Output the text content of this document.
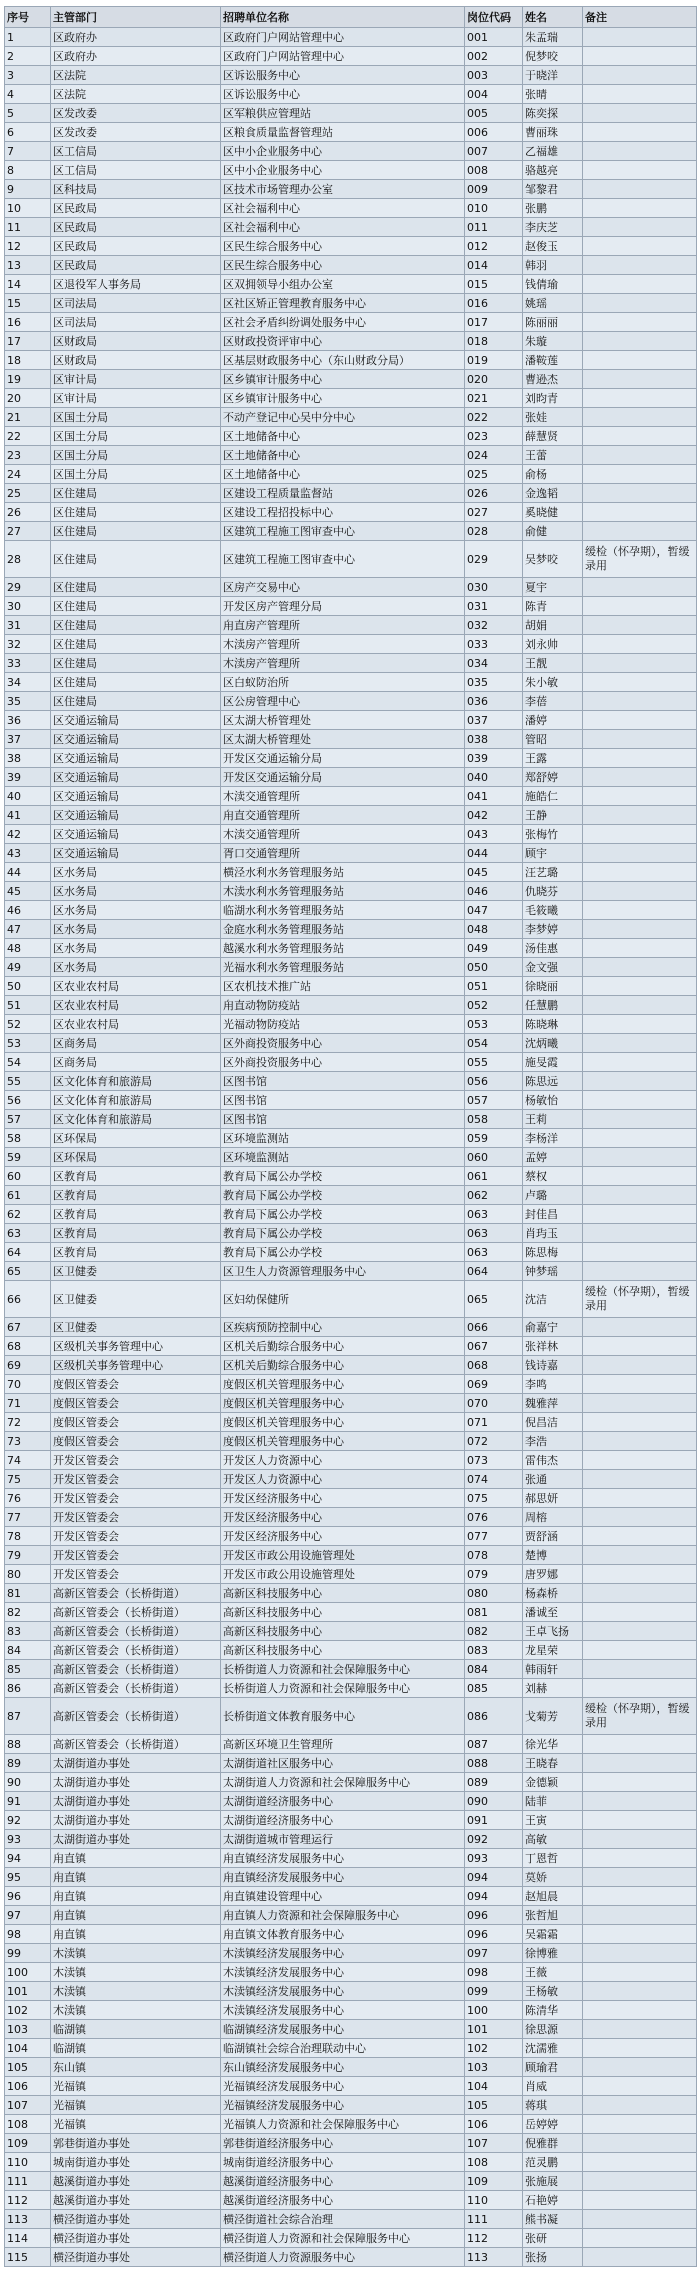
序号	主管部门	招聘单位名称	岗位代码	姓名	备注
1	区政府办	区政府门户网站管理中心	001	朱孟瑞	
2	区政府办	区政府门户网站管理中心	002	倪梦咬	
3	区法院	区诉讼服务中心	003	于晓洋	
4	区法院	区诉讼服务中心	004	张晴	
5	区发改委	区军粮供应管理站	005	陈奕探	
6	区发改委	区粮食质量监督管理站	006	曹丽珠	
7	区工信局	区中小企业服务中心	007	乙福雄	
8	区工信局	区中小企业服务中心	008	骆越亮	
9	区科技局	区技术市场管理办公室	009	邹黎君	
10	区民政局	区社会福利中心	010	张鹏	
11	区民政局	区社会福利中心	011	李庆芝	
12	区民政局	区民生综合服务中心	012	赵俊玉	
13	区民政局	区民生综合服务中心	014	韩羽	
14	区退役军人事务局	区双拥领导小组办公室	015	钱倩瑜	
15	区司法局	区社区矫正管理教育服务中心	016	姚瑶	
16	区司法局	区社会矛盾纠纷调处服务中心	017	陈丽丽	
17	区财政局	区财政投资评审中心	018	朱璇	
18	区财政局	区基层财政服务中心（东山财政分局）	019	潘鞍莲	
19	区审计局	区乡镇审计服务中心	020	曹逊杰	
20	区审计局	区乡镇审计服务中心	021	刘昀青	
21	区国土分局	不动产登记中心吴中分中心	022	张娃	
22	区国土分局	区土地储备中心	023	薛慧贤	
23	区国土分局	区土地储备中心	024	王蕾	
24	区国土分局	区土地储备中心	025	俞杨	
25	区住建局	区建设工程质量监督站	026	金逸韬	
26	区住建局	区建设工程招投标中心	027	奚晓健	
27	区住建局	区建筑工程施工图审查中心	028	俞健	
28	区住建局	区建筑工程施工图审查中心	029	吴梦咬	缓检（怀孕期），暂缓录用
29	区住建局	区房产交易中心	030	夏宇	
30	区住建局	开发区房产管理分局	031	陈青	
31	区住建局	甪直房产管理所	032	胡娟	
32	区住建局	木渎房产管理所	033	刘永帅	
33	区住建局	木渎房产管理所	034	王靓	
34	区住建局	区白蚁防治所	035	朱小敏	
35	区住建局	区公房管理中心	036	李蓓	
36	区交通运输局	区太湖大桥管理处	037	潘婷	
37	区交通运输局	区太湖大桥管理处	038	管昭	
38	区交通运输局	开发区交通运输分局	039	王露	
39	区交通运输局	开发区交通运输分局	040	郑舒婷	
40	区交通运输局	木渎交通管理所	041	施皓仁	
41	区交通运输局	甪直交通管理所	042	王静	
42	区交通运输局	木渎交通管理所	043	张梅竹	
43	区交通运输局	胥口交通管理所	044	顾宇	
44	区水务局	横泾水利水务管理服务站	045	汪艺璐	
45	区水务局	木渎水利水务管理服务站	046	仇晓芬	
46	区水务局	临湖水利水务管理服务站	047	毛筱曦	
47	区水务局	金庭水利水务管理服务站	048	李梦婷	
48	区水务局	越溪水利水务管理服务站	049	汤佳惠	
49	区水务局	光福水利水务管理服务站	050	金文强	
50	区农业农村局	区农机技术推广站	051	徐晓丽	
51	区农业农村局	甪直动物防疫站	052	任慧鹏	
52	区农业农村局	光福动物防疫站	053	陈晓琳	
53	区商务局	区外商投资服务中心	054	沈炳曦	
54	区商务局	区外商投资服务中心	055	施旻霞	
55	区文化体育和旅游局	区图书馆	056	陈思远	
56	区文化体育和旅游局	区图书馆	057	杨敏怡	
57	区文化体育和旅游局	区图书馆	058	王莉	
58	区环保局	区环境监测站	059	李杨洋	
59	区环保局	区环境监测站	060	孟婷	
60	区教育局	教育局下属公办学校	061	蔡权	
61	区教育局	教育局下属公办学校	062	卢璐	
62	区教育局	教育局下属公办学校	063	封佳昌	
63	区教育局	教育局下属公办学校	063	肖玙玉	
64	区教育局	教育局下属公办学校	063	陈思梅	
65	区卫健委	区卫生人力资源管理服务中心	064	钟梦瑶	
66	区卫健委	区妇幼保健所	065	沈洁	缓检（怀孕期），暂缓录用
67	区卫健委	区疾病预防控制中心	066	俞嘉宁	
68	区级机关事务管理中心	区机关后勤综合服务中心	067	张祥林	
69	区级机关事务管理中心	区机关后勤综合服务中心	068	钱诗嘉	
70	度假区管委会	度假区机关管理服务中心	069	李鸣	
71	度假区管委会	度假区机关管理服务中心	070	魏雅萍	
72	度假区管委会	度假区机关管理服务中心	071	倪昌洁	
73	度假区管委会	度假区机关管理服务中心	072	李浩	
74	开发区管委会	开发区人力资源中心	073	雷伟杰	
75	开发区管委会	开发区人力资源中心	074	张通	
76	开发区管委会	开发区经济服务中心	075	郝思妍	
77	开发区管委会	开发区经济服务中心	076	周榕	
78	开发区管委会	开发区经济服务中心	077	贾舒涵	
79	开发区管委会	开发区市政公用设施管理处	078	楚博	
80	开发区管委会	开发区市政公用设施管理处	079	唐罗娜	
81	高新区管委会（长桥街道）	高新区科技服务中心	080	杨森桥	
82	高新区管委会（长桥街道）	高新区科技服务中心	081	潘诚至	
83	高新区管委会（长桥街道）	高新区科技服务中心	082	王卓飞扬	
84	高新区管委会（长桥街道）	高新区科技服务中心	083	龙星荣	
85	高新区管委会（长桥街道）	长桥街道人力资源和社会保障服务中心	084	韩雨轩	
86	高新区管委会（长桥街道）	长桥街道人力资源和社会保障服务中心	085	刘赫	
87	高新区管委会（长桥街道）	长桥街道文体教育服务中心	086	戈菊芳	缓检（怀孕期），暂缓录用
88	高新区管委会（长桥街道）	高新区环境卫生管理所	087	徐光华	
89	太湖街道办事处	太湖街道社区服务中心	088	王晓春	
90	太湖街道办事处	太湖街道人力资源和社会保障服务中心	089	金德颖	
91	太湖街道办事处	太湖街道经济服务中心	090	陆菲	
92	太湖街道办事处	太湖街道经济服务中心	091	王寅	
93	太湖街道办事处	太湖街道城市管理运行	092	高敏	
94	甪直镇	甪直镇经济发展服务中心	093	丁恩哲	
95	甪直镇	甪直镇经济发展服务中心	094	莫娇	
96	甪直镇	甪直镇建设管理中心	094	赵旭晨	
97	甪直镇	甪直镇人力资源和社会保障服务中心	096	张哲旭	
98	甪直镇	甪直镇文体教育服务中心	096	吴霜霜	
99	木渎镇	木渎镇经济发展服务中心	097	徐博雅	
100	木渎镇	木渎镇经济发展服务中心	098	王薇	
101	木渎镇	木渎镇经济发展服务中心	099	王杨敏	
102	木渎镇	木渎镇经济发展服务中心	100	陈清华	
103	临湖镇	临湖镇经济发展服务中心	101	徐思源	
104	临湖镇	临湖镇社会综合治理联动中心	102	沈濡雅	
105	东山镇	东山镇经济发展服务中心	103	顾瑜君	
106	光福镇	光福镇经济发展服务中心	104	肖威	
107	光福镇	光福镇经济发展服务中心	105	蒋琪	
108	光福镇	光福镇人力资源和社会保障服务中心	106	岳婷婷	
109	郭巷街道办事处	郭巷街道经济服务中心	107	倪雅群	
110	城南街道办事处	城南街道经济服务中心	108	范灵鹏	
111	越溪街道办事处	越溪街道经济服务中心	109	张施展	
112	越溪街道办事处	越溪街道经济服务中心	110	石艳婷	
113	横泾街道办事处	横泾街道社会综合治理	111	熊书凝	
114	横泾街道办事处	横泾街道人力资源和社会保障服务中心	112	张研	
115	横泾街道办事处	横泾街道人力资源服务中心	113	张扬	
